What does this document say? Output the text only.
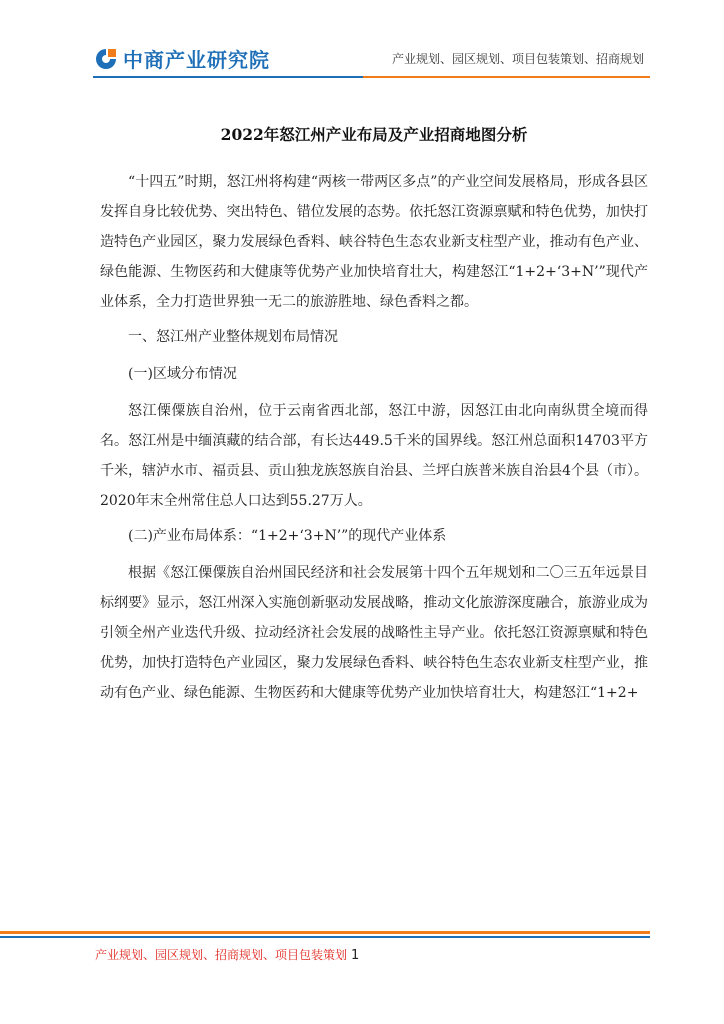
中商产业研究院	产业规划、园区规划、项目包装策划、招商规划
2022年怒江州产业布局及产业招商地图分析

“十四五”时期，怒江州将构建“两核一带两区多点”的产业空间发展格局，形成各县区发挥自身比较优势、突出特色、错位发展的态势。依托怒江资源禀赋和特色优势，加快打造特色产业园区，聚力发展绿色香料、峡谷特色生态农业新支柱型产业，推动有色产业、绿色能源、生物医药和大健康等优势产业加快培育壮大，构建怒江“1+2+‘3+N’”现代产业体系，全力打造世界独一无二的旅游胜地、绿色香料之都。

一、怒江州产业整体规划布局情况

(一)区域分布情况

怒江傈僳族自治州，位于云南省西北部，怒江中游，因怒江由北向南纵贯全境而得名。怒江州是中缅滇藏的结合部，有长达449.5千米的国界线。怒江州总面积14703平方千米，辖泸水市、福贡县、贡山独龙族怒族自治县、兰坪白族普米族自治县4个县（市）。2020年末全州常住总人口达到55.27万人。

(二)产业布局体系：“1+2+‘3+N’”的现代产业体系

根据《怒江傈僳族自治州国民经济和社会发展第十四个五年规划和二〇三五年远景目标纲要》显示，怒江州深入实施创新驱动发展战略，推动文化旅游深度融合，旅游业成为引领全州产业迭代升级、拉动经济社会发展的战略性主导产业。依托怒江资源禀赋和特色优势，加快打造特色产业园区，聚力发展绿色香料、峡谷特色生态农业新支柱型产业，推动有色产业、绿色能源、生物医药和大健康等优势产业加快培育壮大，构建怒江“1+2+

产业规划、园区规划、招商规划、项目包装策划 1
